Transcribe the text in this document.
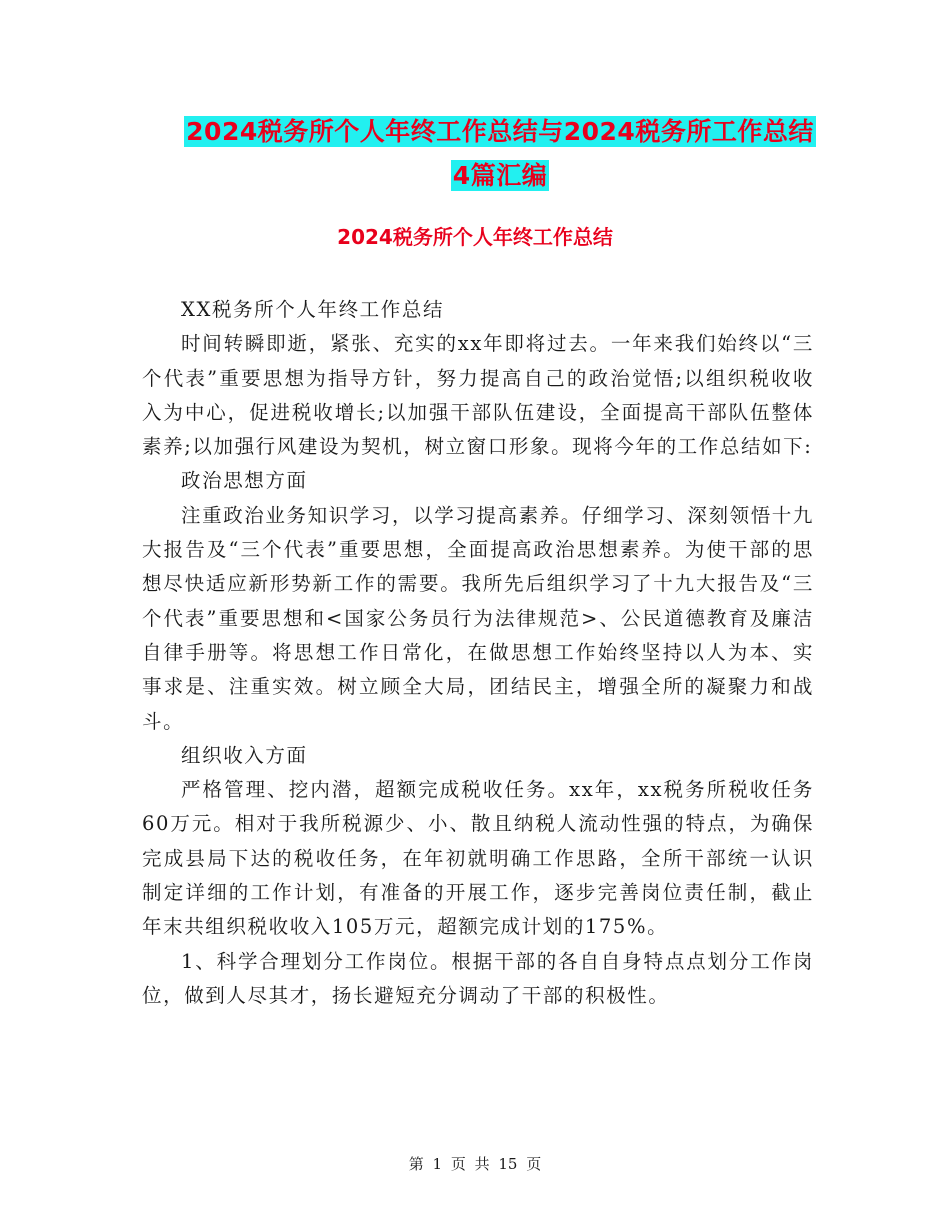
2024税务所个人年终工作总结与2024税务所工作总结
4篇汇编
2024税务所个人年终工作总结

XX税务所个人年终工作总结

时间转瞬即逝，紧张、充实的xx年即将过去。一年来我们始终以“三个代表”重要思想为指导方针，努力提高自己的政治觉悟;以组织税收收入为中心，促进税收增长;以加强干部队伍建设，全面提高干部队伍整体素养;以加强行风建设为契机，树立窗口形象。现将今年的工作总结如下:

政治思想方面

注重政治业务知识学习，以学习提高素养。仔细学习、深刻领悟十九大报告及“三个代表”重要思想，全面提高政治思想素养。为使干部的思想尽快适应新形势新工作的需要。我所先后组织学习了十九大报告及“三个代表”重要思想和<国家公务员行为法律规范>、公民道德教育及廉洁自律手册等。将思想工作日常化，在做思想工作始终坚持以人为本、实事求是、注重实效。树立顾全大局，团结民主，增强全所的凝聚力和战斗。

组织收入方面

严格管理、挖内潜，超额完成税收任务。xx年，xx税务所税收任务60万元。相对于我所税源少、小、散且纳税人流动性强的特点，为确保完成县局下达的税收任务，在年初就明确工作思路，全所干部统一认识制定详细的工作计划，有准备的开展工作，逐步完善岗位责任制，截止年末共组织税收收入105万元，超额完成计划的175%。

1、科学合理划分工作岗位。根据干部的各自自身特点点划分工作岗位，做到人尽其才，扬长避短充分调动了干部的积极性。

第 1 页 共 15 页
